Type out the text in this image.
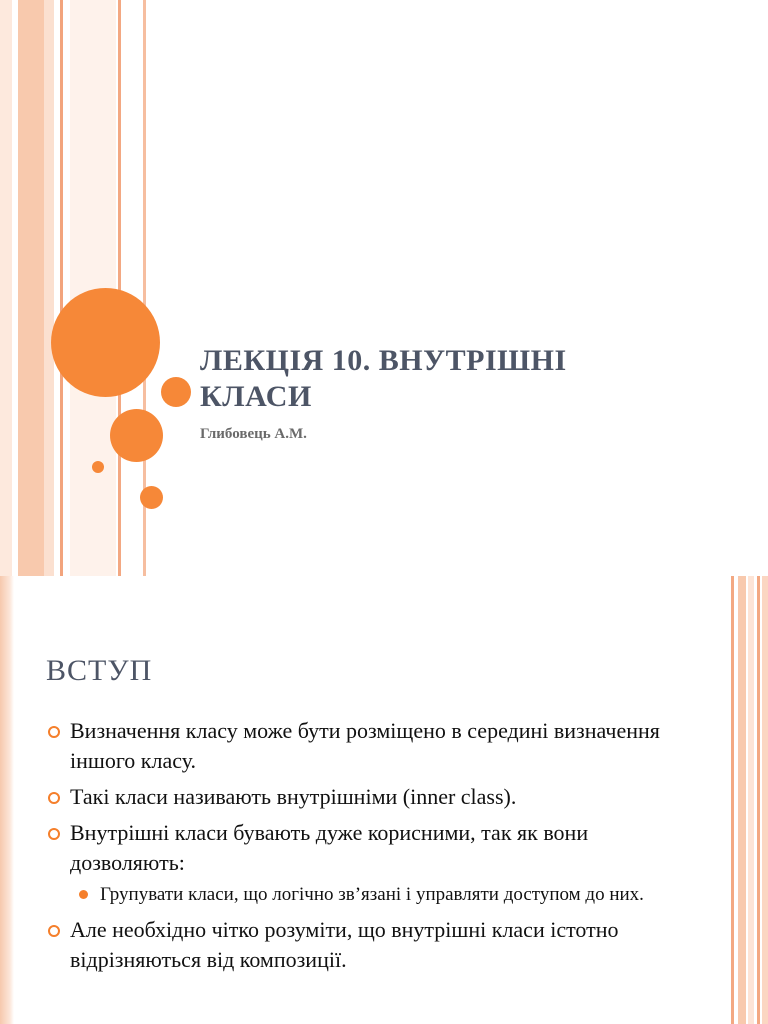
ЛЕКЦІЯ 10. ВНУТРІШНІ
КЛАСИ
Глибовець А.М.
ВСТУП
Визначення класу може бути розміщено в середині визначення іншого класу.
Такі класи називають внутрішніми (inner class).
Внутрішні класи бувають дуже корисними, так як вони дозволяють:
Групувати класи, що логічно зв’язані і управляти доступом до них.
Але необхідно чітко розуміти, що внутрішні класи істотно відрізняються від композиції.
